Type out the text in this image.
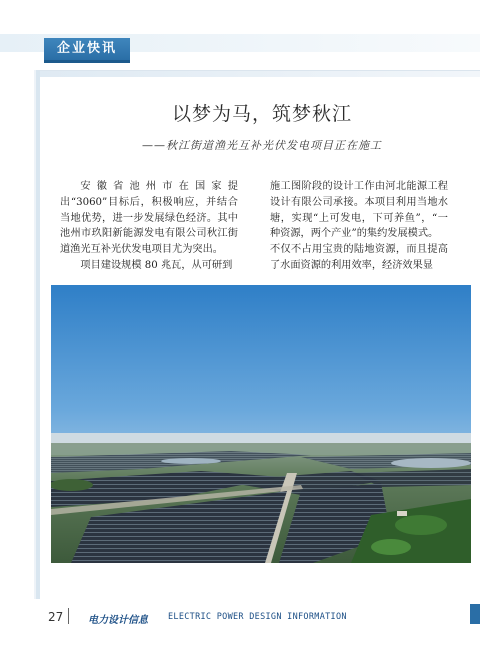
企业快讯
以梦为马，筑梦秋江
——秋江街道渔光互补光伏发电项目正在施工

安徽省池州市在国家提出“3060”目标后，积极响应，并结合当地优势，进一步发展绿色经济。其中池州市玖阳新能源发电有限公司秋江街道渔光互补光伏发电项目尤为突出。

项目建设规模 80 兆瓦，从可研到

施工图阶段的设计工作由河北能源工程设计有限公司承接。本项目利用当地水塘，实现“上可发电，下可养鱼”，“一种资源，两个产业”的集约发展模式。

不仅不占用宝贵的陆地资源，而且提高了水面资源的利用效率，经济效果显

27 电力设计信息 ELECTRIC POWER DESIGN INFORMATION
